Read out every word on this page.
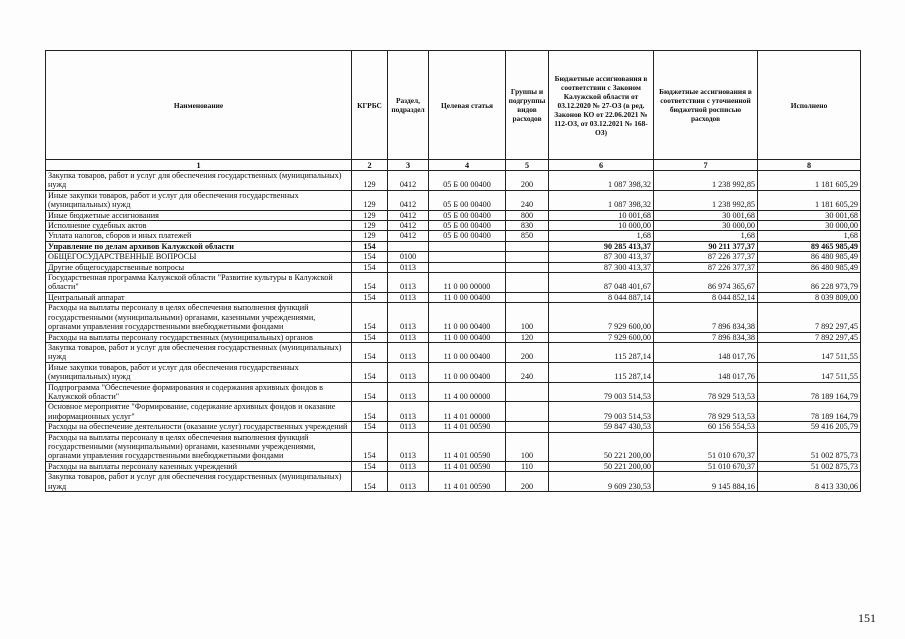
Наименование	КГРБС	Раздел, подраздел	Целевая статья	Группы и подгруппы видов расходов	Бюджетные ассигнования в соответствии с Законом Калужской области от 03.12.2020 № 27-ОЗ (в ред. Законов КО от 22.06.2021 № 112-ОЗ, от 03.12.2021 № 168-ОЗ)	Бюджетные ассигнования в соответствии с уточненной бюджетной росписью расходов	Исполнено
1	2	3	4	5	6	7	8
Закупка товаров, работ и услуг для обеспечения государственных (муниципальных) нужд	129	0412	05 Б 00 00400	200	1 087 398,32	1 238 992,85	1 181 605,29
Иные закупки товаров, работ и услуг для обеспечения государственных (муниципальных) нужд	129	0412	05 Б 00 00400	240	1 087 398,32	1 238 992,85	1 181 605,29
Иные бюджетные ассигнования	129	0412	05 Б 00 00400	800	10 001,68	30 001,68	30 001,68
Исполнение судебных актов	129	0412	05 Б 00 00400	830	10 000,00	30 000,00	30 000,00
Уплата налогов, сборов и иных платежей	129	0412	05 Б 00 00400	850	1,68	1,68	1,68
Управление по делам архивов Калужской области	154				90 285 413,37	90 211 377,37	89 465 985,49
ОБЩЕГОСУДАРСТВЕННЫЕ ВОПРОСЫ	154	0100			87 300 413,37	87 226 377,37	86 480 985,49
Другие общегосударственные вопросы	154	0113			87 300 413,37	87 226 377,37	86 480 985,49
Государственная программа Калужской области "Развитие культуры в Калужской области"	154	0113	11 0 00 00000		87 048 401,67	86 974 365,67	86 228 973,79
Центральный аппарат	154	0113	11 0 00 00400		8 044 887,14	8 044 852,14	8 039 809,00
Расходы на выплаты персоналу в целях обеспечения выполнения функций государственными (муниципальными) органами, казенными учреждениями, органами управления государственными внебюджетными фондами	154	0113	11 0 00 00400	100	7 929 600,00	7 896 834,38	7 892 297,45
Расходы на выплаты персоналу государственных (муниципальных) органов	154	0113	11 0 00 00400	120	7 929 600,00	7 896 834,38	7 892 297,45
Закупка товаров, работ и услуг для обеспечения государственных (муниципальных) нужд	154	0113	11 0 00 00400	200	115 287,14	148 017,76	147 511,55
Иные закупки товаров, работ и услуг для обеспечения государственных (муниципальных) нужд	154	0113	11 0 00 00400	240	115 287,14	148 017,76	147 511,55
Подпрограмма "Обеспечение формирования и содержания архивных фондов в Калужской области"	154	0113	11 4 00 00000		79 003 514,53	78 929 513,53	78 189 164,79
Основное мероприятие "Формирование, содержание архивных фондов и оказание информационных услуг"	154	0113	11 4 01 00000		79 003 514,53	78 929 513,53	78 189 164,79
Расходы на обеспечение деятельности (оказание услуг) государственных учреждений	154	0113	11 4 01 00590		59 847 430,53	60 156 554,53	59 416 205,79
Расходы на выплаты персоналу в целях обеспечения выполнения функций государственными (муниципальными) органами, казенными учреждениями, органами управления государственными внебюджетными фондами	154	0113	11 4 01 00590	100	50 221 200,00	51 010 670,37	51 002 875,73
Расходы на выплаты персоналу казенных учреждений	154	0113	11 4 01 00590	110	50 221 200,00	51 010 670,37	51 002 875,73
Закупка товаров, работ и услуг для обеспечения государственных (муниципальных) нужд	154	0113	11 4 01 00590	200	9 609 230,53	9 145 884,16	8 413 330,06
151
